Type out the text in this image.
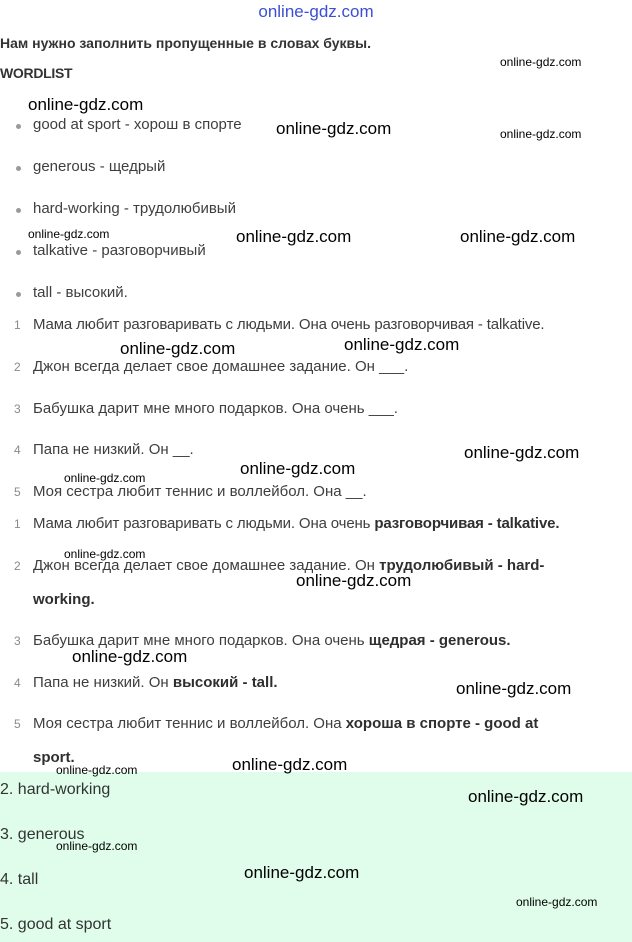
online-gdz.com
Нам нужно заполнить пропущенные в словах буквы.
WORDLIST
good at sport - хорош в спорте
generous - щедрый
hard-working - трудолюбивый
talkative - разговорчивый
tall - высокий.
1 Мама любит разговаривать с людьми. Она очень разговорчивая - talkative.
2 Джон всегда делает свое домашнее задание. Он ___.
3 Бабушка дарит мне много подарков. Она очень ___.
4 Папа не низкий. Он __.
5 Моя сестра любит теннис и воллейбол. Она __.
1 Мама любит разговаривать с людьми. Она очень разговорчивая - talkative.
2 Джон всегда делает свое домашнее задание. Он трудолюбивый - hard-
working.
3 Бабушка дарит мне много подарков. Она очень щедрая - generous.
4 Папа не низкий. Он высокий - tall.
5 Моя сестра любит теннис и воллейбол. Она хороша в спорте - good at
sport.
2. hard-working
3. generous
4. tall
5. good at sport
online-gdz.com
online-gdz.com
online-gdz.com	online-gdz.com
online-gdz.com	online-gdz.com	online-gdz.com
online-gdz.com	online-gdz.com
online-gdz.com
online-gdz.com
online-gdz.com
online-gdz.com
online-gdz.com
online-gdz.com
online-gdz.com
online-gdz.com
online-gdz.com
online-gdz.com
online-gdz.com
online-gdz.com
online-gdz.com
